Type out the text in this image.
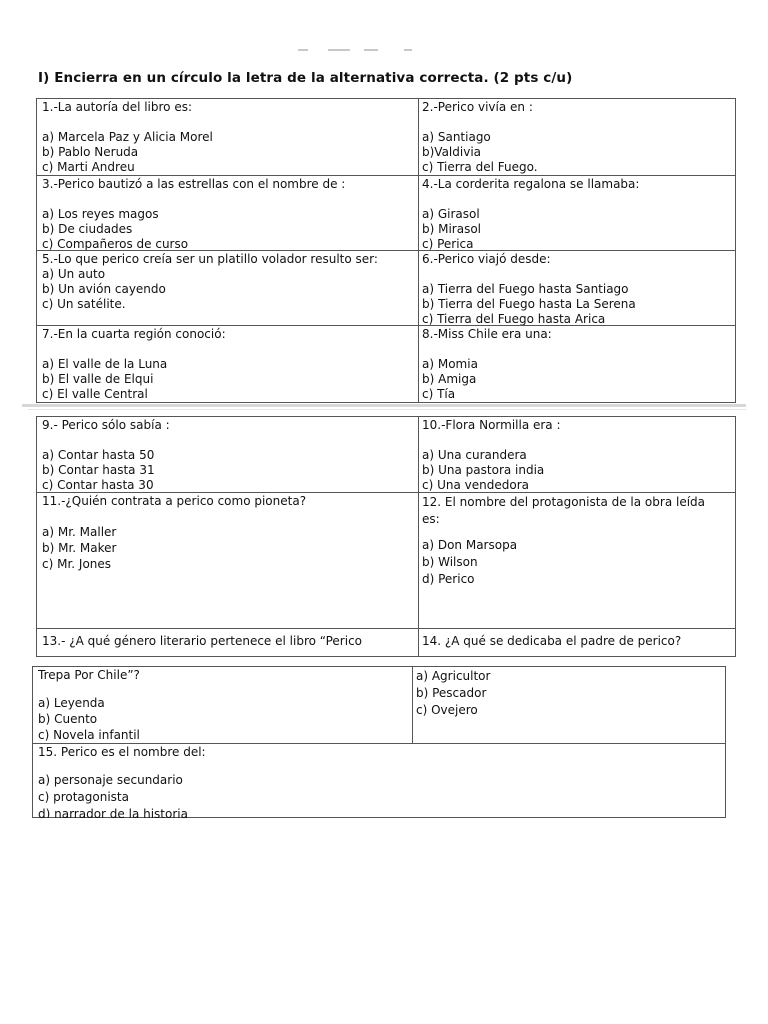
I) Encierra en un círculo la letra de la alternativa correcta. (2 pts c/u)
1.-La autoría del libro es:
a) Marcela Paz y Alicia Morel
b) Pablo Neruda
c) Marti Andreu
2.-Perico vivía en :
a) Santiago
b)Valdivia
c) Tierra del Fuego.
3.-Perico bautizó a las estrellas con el nombre de :
a) Los reyes magos
b) De ciudades
c) Compañeros de curso
4.-La corderita regalona se llamaba:
a) Girasol
b) Mirasol
c) Perica
5.-Lo que perico creía ser un platillo volador resulto ser:
a) Un auto
b) Un avión cayendo
c) Un satélite.
6.-Perico viajó desde:
a) Tierra del Fuego hasta Santiago
b) Tierra del Fuego hasta La Serena
c) Tierra del Fuego hasta Arica
7.-En la cuarta región conoció:
a) El valle de la Luna
b) El valle de Elqui
c) El valle Central
8.-Miss Chile era una:
a) Momia
b) Amiga
c) Tía
9.- Perico sólo sabía :
a) Contar hasta 50
b) Contar hasta 31
c) Contar hasta 30
10.-Flora Normilla era :
a) Una curandera
b) Una pastora india
c) Una vendedora
11.-¿Quién contrata a perico como pioneta?
a) Mr. Maller
b) Mr. Maker
c) Mr. Jones
12. El nombre del protagonista de la obra leída es:
a) Don Marsopa
b) Wilson
d) Perico
13.- ¿A qué género literario pertenece el libro “Perico	14. ¿A qué se dedicaba el padre de perico?
Trepa Por Chile”?
a) Leyenda
b) Cuento
c) Novela infantil
a) Agricultor
b) Pescador
c) Ovejero
15. Perico es el nombre del:
a) personaje secundario
c) protagonista
d) narrador de la historia
